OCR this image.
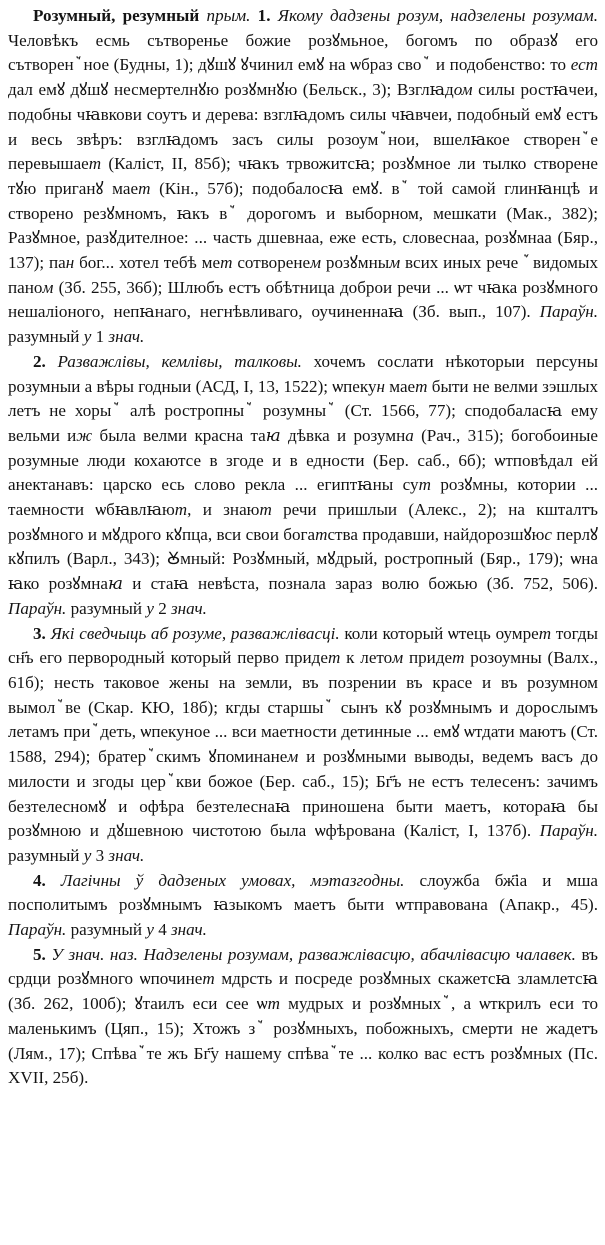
Розумный, резумный прым. 1. Якому дадзены розум, надзелены розумам. Человѣкъ есмь сътвореньe божие розꙋмьное, богомъ по образꙋ его сътворенꙿное (Будны, 1); дꙋшꙋ ꙋчинил емꙋ на ѡбраз своꙿ и подобенство: то ест дал емꙋ дꙋшꙋ несмертелнꙋю розꙋмнꙋю (Бельск., 3); Взглꙗдом силы ростꙗчеи, подобны чꙗвкови соутъ и дерева: взглꙗдомъ силы чꙗвчеи, подобный емꙋ естъ и весь звѣръ: взглꙗдомъ засъ силы розоумꙿнои, вшелꙗкое створенꙿе перевышает (Каліст, II, 85б); чꙗкъ трвожитсꙗ; розꙋмное ли тылко створене тꙋю приганꙋ мает (Кін., 57б); подобалосꙗ емꙋ. вꙿ той самой глинꙗнцѣ и створено резꙋмномъ, ꙗкъ вꙿ дорогомъ и выборном, мешкати (Мак., 382); Разꙋмное, разꙋдителное: ... часть дшевнаа, еже есть, словеснаа, розꙋмнаа (Бяр., 137); пан бог... хотел тебѣ мет сотворенем розꙋмным всих иных речеꙿ видомых паном (Зб. 255, 36б); Шлюбъ естъ обѣтница доброи речи ... ѡт чꙗка розꙋмного нешаліоного, непꙗнаго, негнѣвливаго, оучиненнаꙗ (Зб. вып., 107). Параўн. разумный у 1 знач.

2. Разважлівы, кемлівы, талковы. хочемъ сослати нѣкоторыи персуны розумныи а вѣры годныи (АСД, I, 13, 1522); ѡпекун мает быти не велми зэшлых летъ не хорыꙿ алѣ ростропныꙿ розумныꙿ (Ст. 1566, 77); сподобаласꙗ ему вельми иж была велми красна таꙗ дѣвка и розумна (Рач., 315); богобоиные розумные люди кохаютсе в згоде и в едности (Бер. саб., 6б); ѡтповѣдал ей анектанавъ: царско есь слово рекла ... египтꙗны сут розꙋмны, котории ... таемности ѡбꙗвлꙗют, и знают речи пришлыи (Алекс., 2); на кшталтъ розꙋмного и мꙋдрого кꙋпца, вси свои богатства продавши, найдорозшꙋюс перлꙋ кꙋпилъ (Варл., 343); Ꙋмный: Розꙋмный, мꙋдрый, ростропный (Бяр., 179); ѡна ꙗко розꙋмнаꙗ и стаꙗ невѣста, познала зараз волю божью (Зб. 752, 506). Параўн. разумный у 2 знач.

3. Які сведчыць аб розуме, разважлівасці. коли который ѡтець оумрет тогды сн҃ъ его первородный который перво придет к летом придет розоумны (Валх., 61б); несть таковое жены на земли, въ позрении въ красе и въ розумном вымолꙿве (Скар. КЮ, 18б); кгды старшыꙿ сынъ кꙋ розꙋмнымъ и дорослымъ летамъ приꙿдеть, ѡпекуное ... вси маетности детинные ... емꙋ ѡтдати маютъ (Ст. 1588, 294); братерꙿскимъ ꙋпоминанем и розꙋмными выводы, ведемъ васъ до милости и згоды церꙿкви божое (Бер. саб., 15); Бг҃ъ не естъ телесенъ: зачимъ безтелесномꙋ и офѣра безтелеснаꙗ приношена быти маетъ, котораꙗ бы розꙋмною и дꙋшевною чистотою была ѡфѣрована (Каліст, I, 137б). Параўн. разумный у 3 знач.

4. Лагічны ў дадзеных умовах, мэтазгодны. слоужба бж҃іа и мша посполитымъ розꙋмнымъ ꙗзыкомъ маетъ быти ѡтправована (Апакр., 45). Параўн. разумный у 4 знач.

5. У знач. наз. Надзелены розумам, разважлівасцю, абачлівасцю чалавек. въ срдци розꙋмного ѡпочинет мдрсть и посреде розꙋмных скажетсꙗ зламлетсꙗ (Зб. 262, 100б); ꙋтаилъ еси сее ѡт мудрых и розꙋмныхꙿ, а ѡткрилъ еси то маленькимъ (Цяп., 15); Хтожъ зꙿ розꙋмныхъ, побожныхъ, смерти не жадетъ (Лям., 17); Спѣваꙿте жъ Бг҃у нашему спѣваꙿте ... колко вас естъ розꙋмных (Пс. XVII, 25б).
